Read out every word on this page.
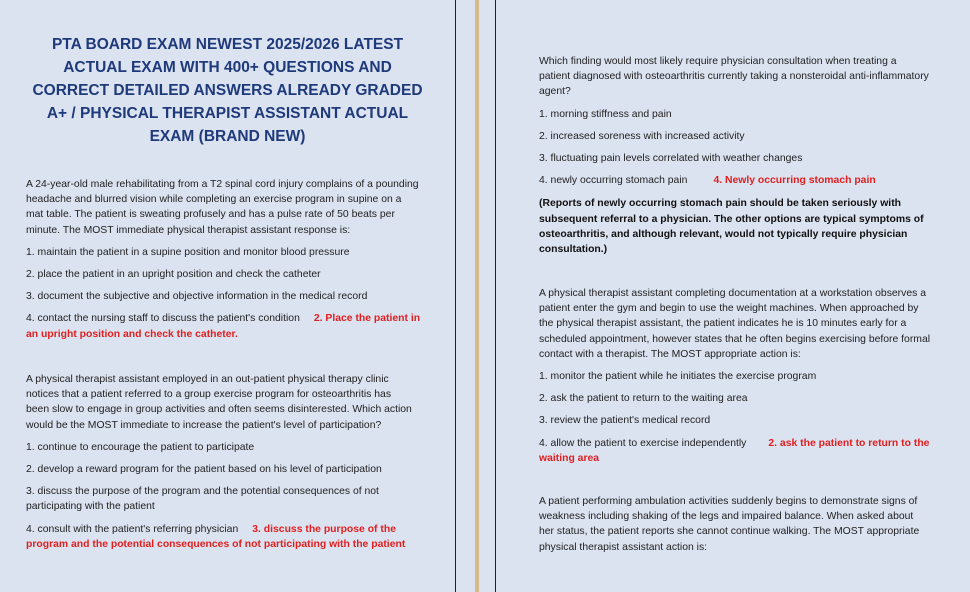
PTA BOARD EXAM NEWEST 2025/2026 LATEST ACTUAL EXAM WITH 400+ QUESTIONS AND CORRECT DETAILED ANSWERS ALREADY GRADED A+ / PHYSICAL THERAPIST ASSISTANT ACTUAL EXAM (BRAND NEW)

A 24-year-old male rehabilitating from a T2 spinal cord injury complains of a pounding headache and blurred vision while completing an exercise program in supine on a mat table. The patient is sweating profusely and has a pulse rate of 50 beats per minute. The MOST immediate physical therapist assistant response is:

1. maintain the patient in a supine position and monitor blood pressure

2. place the patient in an upright position and check the catheter

3. document the subjective and objective information in the medical record

4. contact the nursing staff to discuss the patient's condition 2. Place the patient in an upright position and check the catheter.

A physical therapist assistant employed in an out-patient physical therapy clinic notices that a patient referred to a group exercise program for osteoarthritis has been slow to engage in group activities and often seems disinterested. Which action would be the MOST immediate to increase the patient's level of participation?

1. continue to encourage the patient to participate

2. develop a reward program for the patient based on his level of participation

3. discuss the purpose of the program and the potential consequences of not participating with the patient

4. consult with the patient's referring physician 3. discuss the purpose of the program and the potential consequences of not participating with the patient

Which finding would most likely require physician consultation when treating a patient diagnosed with osteoarthritis currently taking a nonsteroidal anti-inflammatory agent?

1. morning stiffness and pain

2. increased soreness with increased activity

3. fluctuating pain levels correlated with weather changes

4. newly occurring stomach pain	4. Newly occurring stomach pain

(Reports of newly occurring stomach pain should be taken seriously with subsequent referral to a physician. The other options are typical symptoms of osteoarthritis, and although relevant, would not typically require physician consultation.)

A physical therapist assistant completing documentation at a workstation observes a patient enter the gym and begin to use the weight machines. When approached by the physical therapist assistant, the patient indicates he is 10 minutes early for a scheduled appointment, however states that he often begins exercising before formal contact with a therapist. The MOST appropriate action is:

1. monitor the patient while he initiates the exercise program

2. ask the patient to return to the waiting area

3. review the patient's medical record

4. allow the patient to exercise independently 2. ask the patient to return to the waiting area

A patient performing ambulation activities suddenly begins to demonstrate signs of weakness including shaking of the legs and impaired balance. When asked about her status, the patient reports she cannot continue walking. The MOST appropriate physical therapist assistant action is:
